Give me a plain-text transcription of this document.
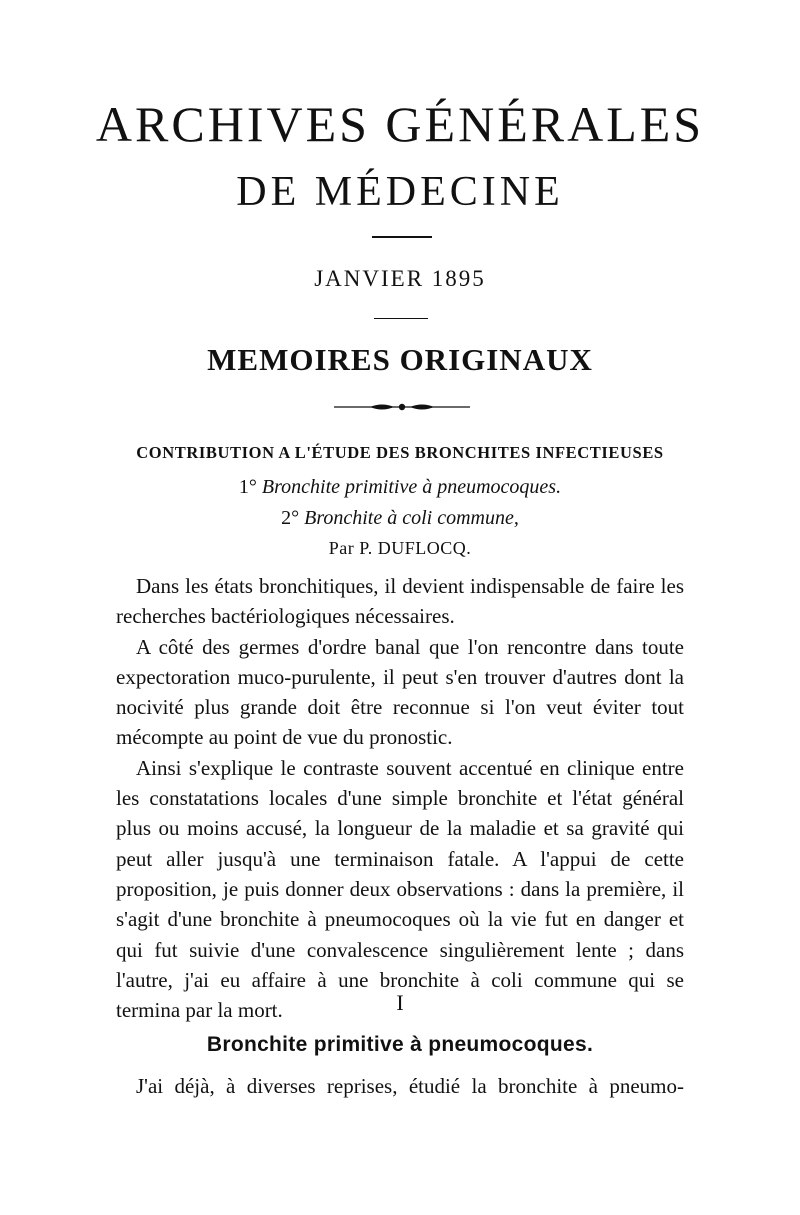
ARCHIVES GÉNÉRALES
DE MÉDECINE
JANVIER 1895
MEMOIRES ORIGINAUX
CONTRIBUTION A L'ÉTUDE DES BRONCHITES INFECTIEUSES
1° Bronchite primitive à pneumocoques.
2° Bronchite à coli commune,
Par P. DUFLOCQ.

Dans les états bronchitiques, il devient indispensable de faire les recherches bactériologiques nécessaires.

A côté des germes d'ordre banal que l'on rencontre dans toute expectoration muco-purulente, il peut s'en trouver d'autres dont la nocivité plus grande doit être reconnue si l'on veut éviter tout mécompte au point de vue du pronostic.

Ainsi s'explique le contraste souvent accentué en clinique entre les constatations locales d'une simple bronchite et l'état général plus ou moins accusé, la longueur de la maladie et sa gravité qui peut aller jusqu'à une terminaison fatale. A l'appui de cette proposition, je puis donner deux observations : dans la première, il s'agit d'une bronchite à pneumocoques où la vie fut en danger et qui fut suivie d'une convalescence singulièrement lente ; dans l'autre, j'ai eu affaire à une bronchite à coli commune qui se termina par la mort.	I
Bronchite primitive à pneumocoques.
J'ai déjà, à diverses reprises, étudié la bronchite à pneumo-
